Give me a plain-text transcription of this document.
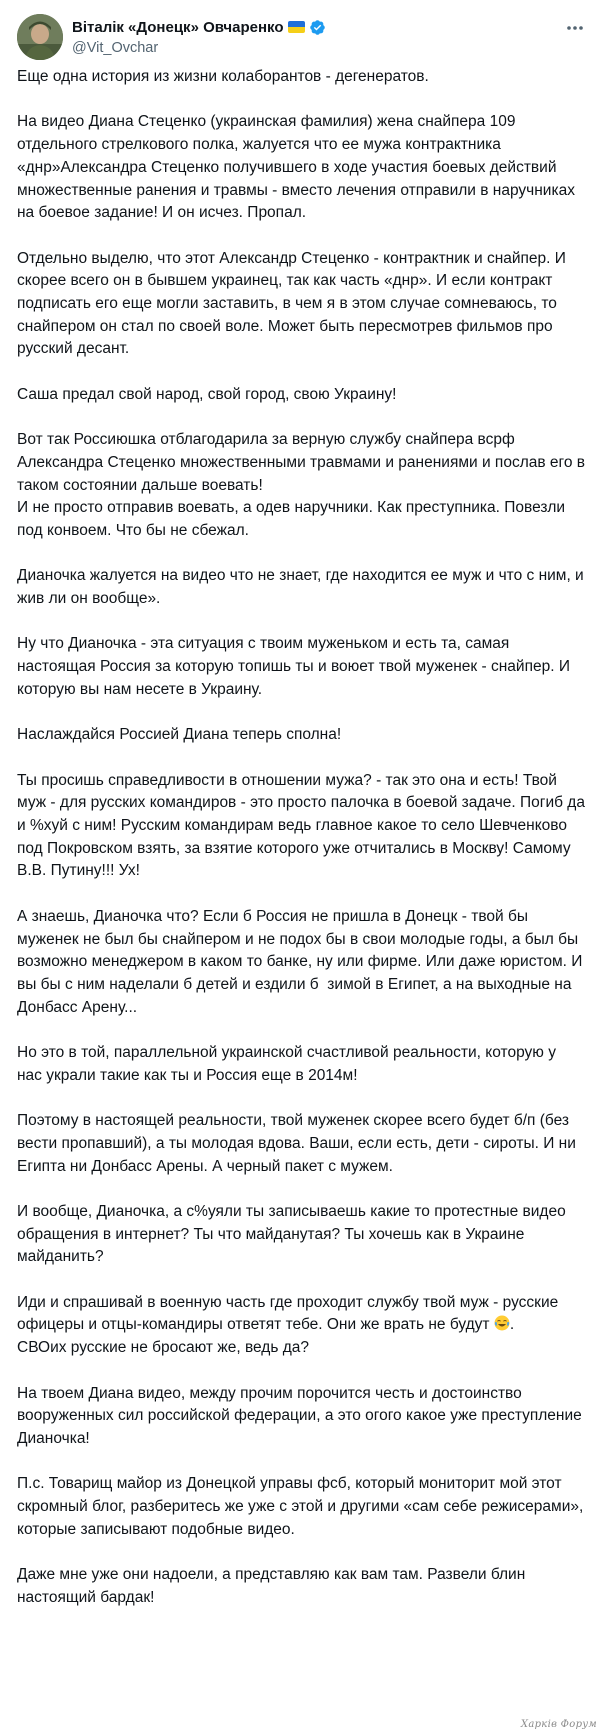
Віталік «Донецк» Овчаренко
@Vit_Ovchar

Еще одна история из жизни колаборантов - дегенератов.

На видео Диана Стеценко (украинская фамилия) жена снайпера 109 отдельного стрелкового полка, жалуется что ее мужа контрактника «днр»Александра Стеценко получившего в ходе участия боевых действий множественные ранения и травмы - вместо лечения отправили в наручниках на боевое задание! И он исчез. Пропал.

Отдельно выделю, что этот Александр Стеценко - контрактник и снайпер. И скорее всего он в бывшем украинец, так как часть «днр». И если контракт подписать его еще могли заставить, в чем я в этом случае сомневаюсь, то снайпером он стал по своей воле. Может быть пересмотрев фильмов про русский десант.

Саша предал свой народ, свой город, свою Украину!

Вот так Россиюшка отблагодарила за верную службу снайпера всрф Александра Стеценко множественными травмами и ранениями и послав его в таком состоянии дальше воевать!
И не просто отправив воевать, а одев наручники. Как преступника. Повезли под конвоем. Что бы не сбежал.

Дианочка жалуется на видео что не знает, где находится ее муж и что с ним, и жив ли он вообще».

Ну что Дианочка - эта ситуация с твоим муженьком и есть та, самая настоящая Россия за которую топишь ты и воюет твой муженек - снайпер. И которую вы нам несете в Украину.

Наслаждайся Россией Диана теперь сполна!

Ты просишь справедливости в отношении мужа? - так это она и есть! Твой муж - для русских командиров - это просто палочка в боевой задаче. Погиб да и %хуй с ним! Русским командирам ведь главное какое то село Шевченково под Покровском взять, за взятие которого уже отчитались в Москву! Самому В.В. Путину!!! Ух!

А знаешь, Дианочка что? Если б Россия не пришла в Донецк - твой бы муженек не был бы снайпером и не подох бы в свои молодые годы, а был бы возможно менеджером в каком то банке, ну или фирме. Или даже юристом. И вы бы с ним наделали б детей и ездили б  зимой в Египет, а на выходные на Донбасс Арену...

Но это в той, параллельной украинской счастливой реальности, которую у нас украли такие как ты и Россия еще в 2014м!

Поэтому в настоящей реальности, твой муженек скорее всего будет б/п (без вести пропавший), а ты молодая вдова. Ваши, если есть, дети - сироты. И ни Египта ни Донбасс Арены. А черный пакет с мужем.

И вообще, Дианочка, а с%уяли ты записываешь какие то протестные видео обращения в интернет? Ты что майданутая? Ты хочешь как в Украине майданить?

Иди и спрашивай в военную часть где проходит службу твой муж - русские офицеры и отцы-командиры ответят тебе. Они же врать не будут .
СВОих русские не бросают же, ведь да?

На твоем Диана видео, между прочим порочится честь и достоинство вооруженных сил российской федерации, а это огого какое уже преступление Дианочка!

П.с. Товарищ майор из Донецкой управы фсб, который мониторит мой этот скромный блог, разберитесь же уже с этой и другими «сам себе режисерами», которые записывают подобные видео.

Даже мне уже они надоели, а представляю как вам там. Развели блин настоящий бардак!

Харків Форум
